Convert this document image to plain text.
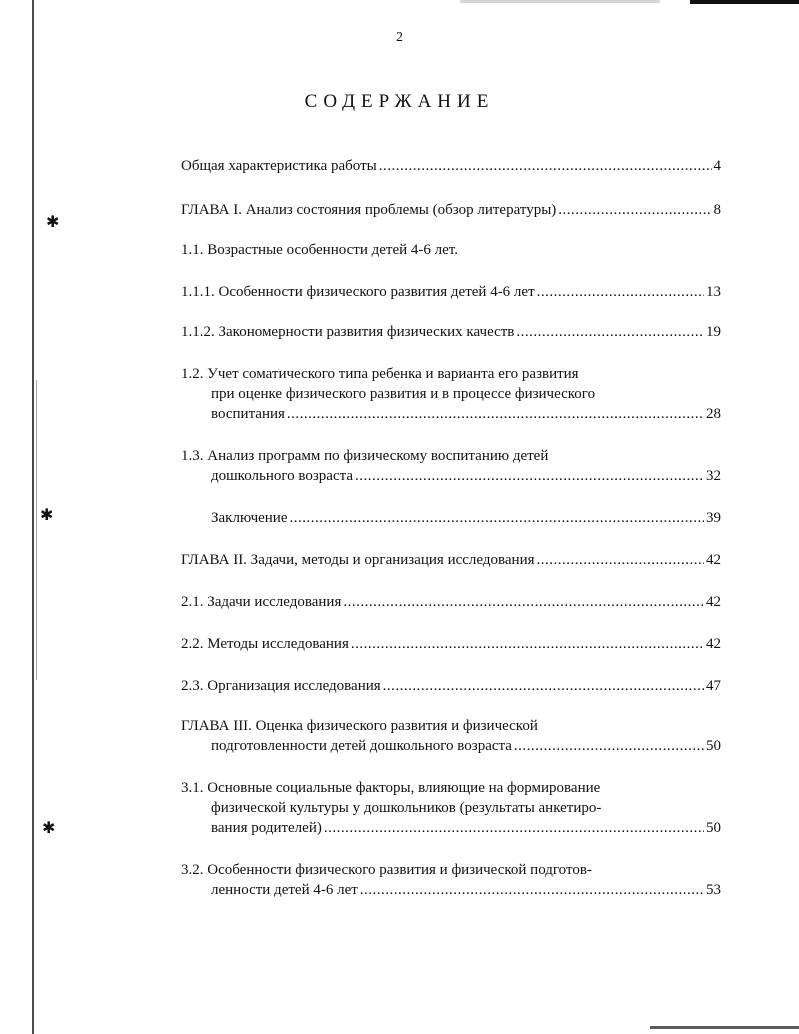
✱
✱
✱
2
СОДЕРЖАНИЕ
Общая характеристика работы .....	4
ГЛАВА I. Анализ состояния проблемы (обзор литературы) .....	8
1.1. Возрастные особенности детей 4-6 лет.
1.1.1. Особенности физического развития детей 4-6 лет .....	13
1.1.2. Закономерности развития физических качеств .....	19
1.2. Учет соматического типа ребенка и варианта его развития
при оценке физического развития и в процессе физического
воспитания .....	28
1.3. Анализ программ по физическому воспитанию детей
дошкольного возраста .....	32
Заключение .....	39
ГЛАВА II. Задачи, методы и организация исследования .....	42
2.1. Задачи исследования .....	42
2.2. Методы исследования .....	42
2.3. Организация исследования .....	47
ГЛАВА III. Оценка физического развития и физической
подготовленности детей дошкольного возраста .....	50
3.1. Основные социальные факторы, влияющие на формирование
физической культуры у дошкольников (результаты анкетиро-
вания родителей) .....	50
3.2. Особенности физического развития и физической подготов-
ленности детей 4-6 лет .....	53
